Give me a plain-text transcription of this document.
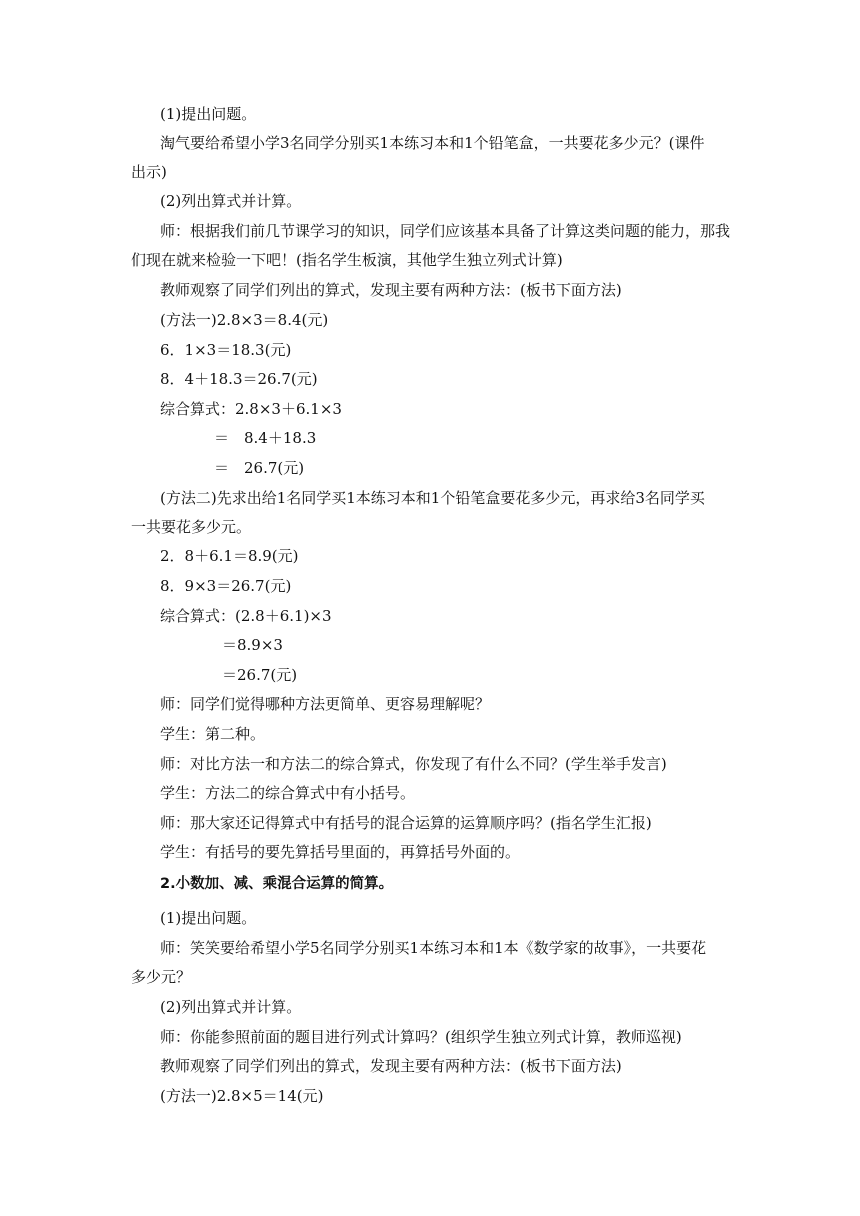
(1)提出问题。
淘气要给希望小学3名同学分别买1本练习本和1个铅笔盒，一共要花多少元？(课件
出示)
(2)列出算式并计算。
师：根据我们前几节课学习的知识，同学们应该基本具备了计算这类问题的能力，那我
们现在就来检验一下吧！(指名学生板演，其他学生独立列式计算)
教师观察了同学们列出的算式，发现主要有两种方法：(板书下面方法)
(方法一)2.8×3＝8.4(元)
6．1×3＝18.3(元)
8．4＋18.3＝26.7(元)
综合算式：2.8×3＋6.1×3
＝　8.4＋18.3
＝　26.7(元)
(方法二)先求出给1名同学买1本练习本和1个铅笔盒要花多少元，再求给3名同学买
一共要花多少元。
2．8＋6.1＝8.9(元)
8．9×3＝26.7(元)
综合算式：(2.8＋6.1)×3
＝8.9×3
＝26.7(元)
师：同学们觉得哪种方法更简单、更容易理解呢？
学生：第二种。
师：对比方法一和方法二的综合算式，你发现了有什么不同？(学生举手发言)
学生：方法二的综合算式中有小括号。
师：那大家还记得算式中有括号的混合运算的运算顺序吗？(指名学生汇报)
学生：有括号的要先算括号里面的，再算括号外面的。
2.小数加、减、乘混合运算的简算。
(1)提出问题。
师：笑笑要给希望小学5名同学分别买1本练习本和1本《数学家的故事》，一共要花
多少元？
(2)列出算式并计算。
师：你能参照前面的题目进行列式计算吗？(组织学生独立列式计算，教师巡视)
教师观察了同学们列出的算式，发现主要有两种方法：(板书下面方法)
(方法一)2.8×5＝14(元)
